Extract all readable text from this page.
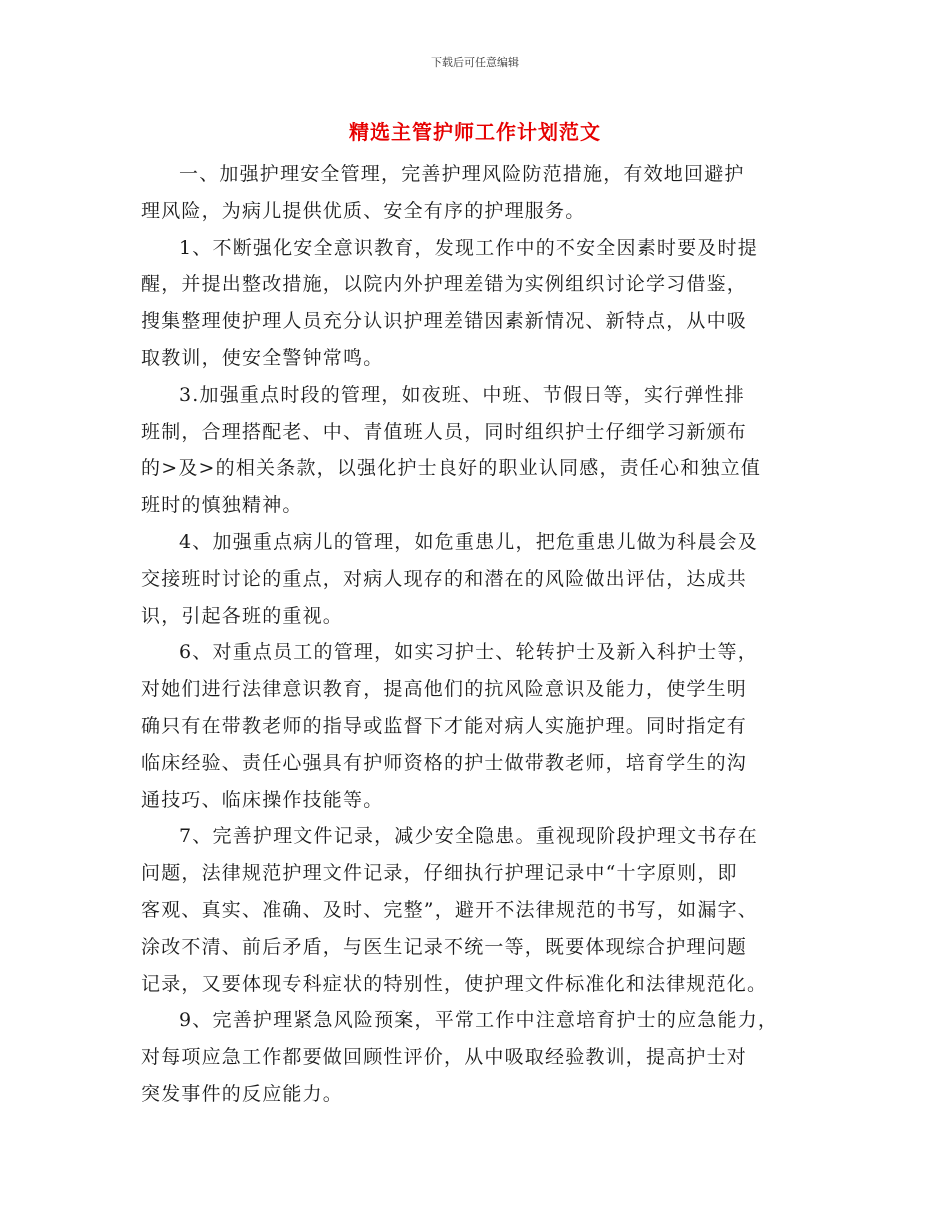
下载后可任意编辑
精选主管护师工作计划范文
一、加强护理安全管理，完善护理风险防范措施，有效地回避护
理风险，为病儿提供优质、安全有序的护理服务。
1、不断强化安全意识教育，发现工作中的不安全因素时要及时提
醒，并提出整改措施，以院内外护理差错为实例组织讨论学习借鉴，
搜集整理使护理人员充分认识护理差错因素新情况、新特点，从中吸
取教训，使安全警钟常鸣。
3.加强重点时段的管理，如夜班、中班、节假日等，实行弹性排
班制，合理搭配老、中、青值班人员，同时组织护士仔细学习新颁布
的>及>的相关条款，以强化护士良好的职业认同感，责任心和独立值
班时的慎独精神。
4、加强重点病儿的管理，如危重患儿，把危重患儿做为科晨会及
交接班时讨论的重点，对病人现存的和潜在的风险做出评估，达成共
识，引起各班的重视。
6、对重点员工的管理，如实习护士、轮转护士及新入科护士等，
对她们进行法律意识教育，提高他们的抗风险意识及能力，使学生明
确只有在带教老师的指导或监督下才能对病人实施护理。同时指定有
临床经验、责任心强具有护师资格的护士做带教老师，培育学生的沟
通技巧、临床操作技能等。
7、完善护理文件记录，减少安全隐患。重视现阶段护理文书存在
问题，法律规范护理文件记录，仔细执行护理记录中“十字原则，即
客观、真实、准确、及时、完整”，避开不法律规范的书写，如漏字、
涂改不清、前后矛盾，与医生记录不统一等，既要体现综合护理问题
记录，又要体现专科症状的特别性，使护理文件标准化和法律规范化。
9、完善护理紧急风险预案，平常工作中注意培育护士的应急能力，
对每项应急工作都要做回顾性评价，从中吸取经验教训，提高护士对
突发事件的反应能力。
